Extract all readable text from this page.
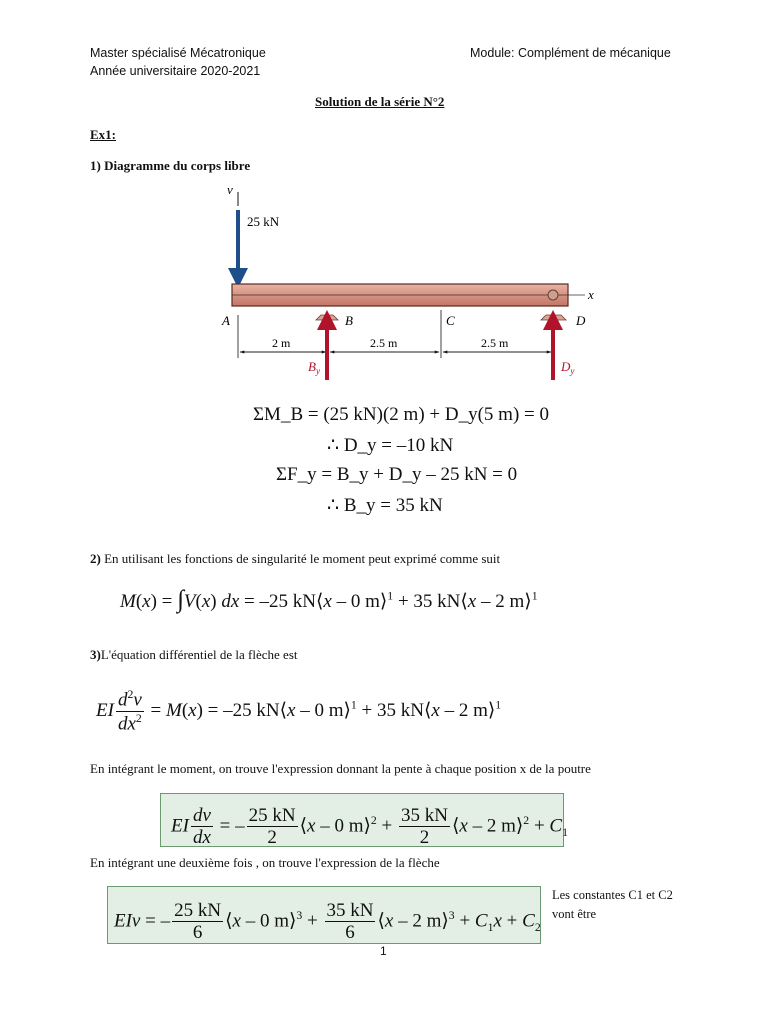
Master spécialisé Mécatronique
Année universitaire 2020-2021
Module: Complément de mécanique
Solution de la série N°2
Ex1:
1) Diagramme du corps libre
v
25 kN
x
A	B	C	D
2 m	2.5 m	2.5 m
$B_y$	$D_y$
ΣM_B = (25 kN)(2 m) + D_y(5 m) = 0
∴ D_y = –10 kN
ΣF_y = B_y + D_y – 25 kN = 0
∴ B_y = 35 kN
2) En utilisant les fonctions de singularité le moment peut exprimé comme suit
M(x) = ∫V(x) dx = –25 kN⟨x – 0 m⟩$^1$ + 35 kN⟨x – 2 m⟩$^1$
3)L'équation différentiel de la flèche est
EI $\frac{d^2v}{dx^2} = M(x) = -25$ kN⟨x – 0 m⟩$^1$ + 35 kN⟨x – 2 m⟩$^1$
En intégrant le moment, on trouve l'expression donnant la pente à chaque position x de la poutre
EI $\frac{dv}{dx}$ = – $\frac{25 kN}{2}$ ⟨x – 0 m⟩$^2$ + $\frac{35 kN}{2}$ ⟨x – 2 m⟩$^2$ + $C_1$
En intégrant une deuxième fois , on trouve l'expression de la flèche
EIv = – $\frac{25 kN}{6}$ ⟨x – 0 m⟩$^3$ + $\frac{35 kN}{6}$ ⟨x – 2 m⟩$^3$ + $C_1x + C_2$
Les constantes C1 et C2 vont être
1
